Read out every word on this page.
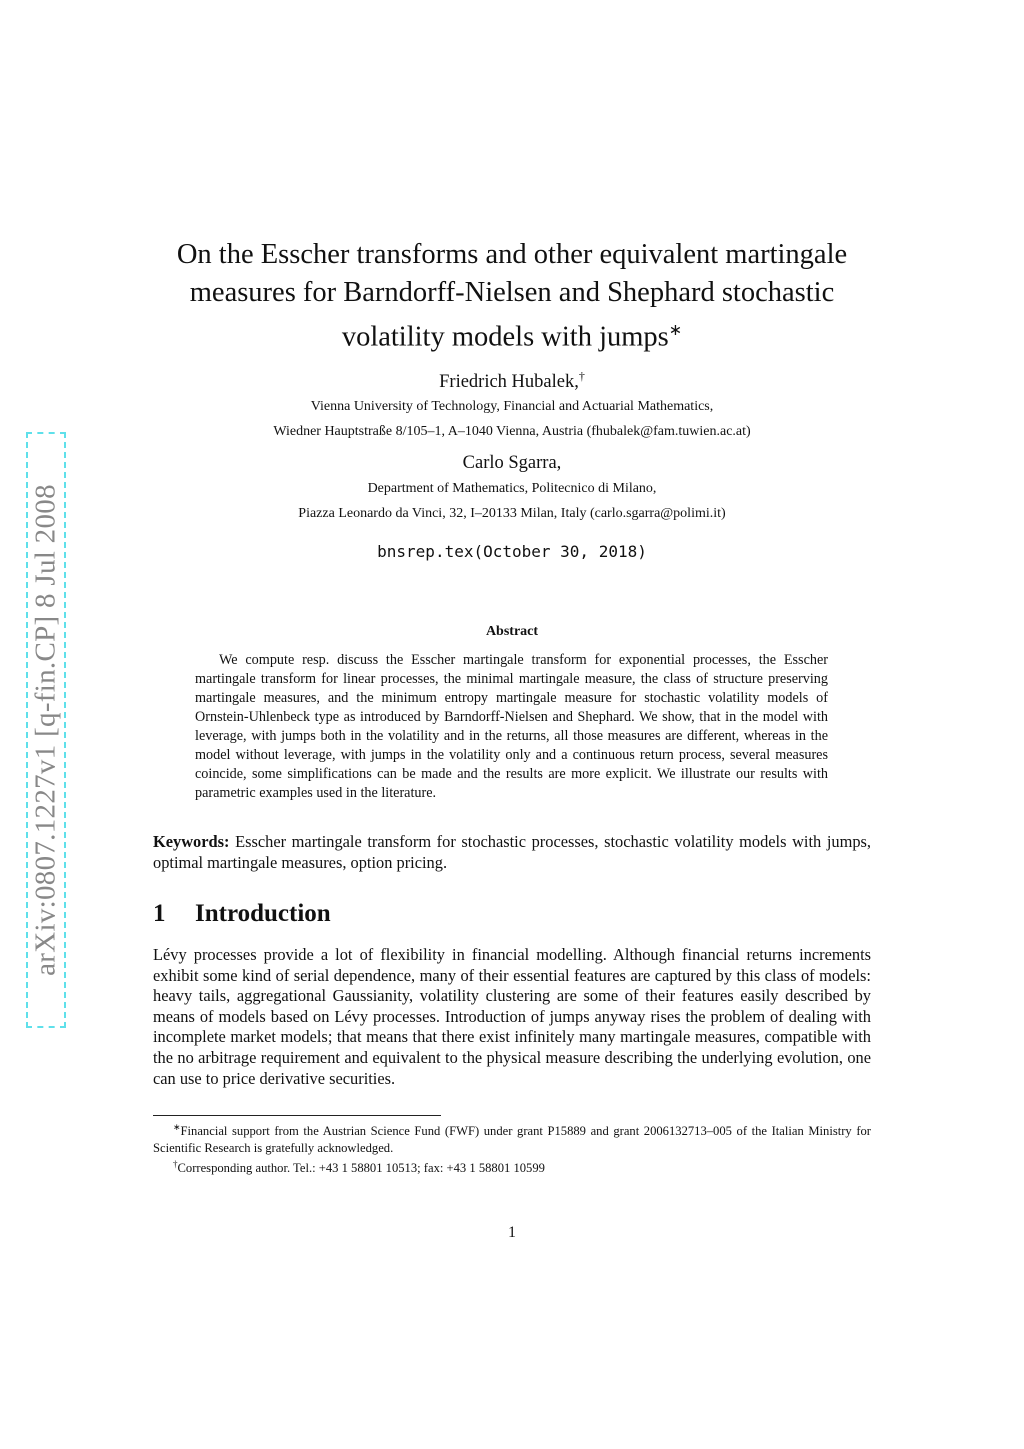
arXiv:0807.1227v1 [q-fin.CP] 8 Jul 2008
On the Esscher transforms and other equivalent martingale
measures for Barndorff-Nielsen and Shephard stochastic
volatility models with jumps∗
Friedrich Hubalek,†
Vienna University of Technology, Financial and Actuarial Mathematics,
Wiedner Hauptstraße 8/105–1, A–1040 Vienna, Austria (fhubalek@fam.tuwien.ac.at)
Carlo Sgarra,
Department of Mathematics, Politecnico di Milano,
Piazza Leonardo da Vinci, 32, I–20133 Milan, Italy (carlo.sgarra@polimi.it)
bnsrep.tex(October 30, 2018)
Abstract
We compute resp. discuss the Esscher martingale transform for exponential processes, the Esscher martingale transform for linear processes, the minimal martingale measure, the class of structure preserving martingale measures, and the minimum entropy martingale measure for stochastic volatility models of Ornstein-Uhlenbeck type as introduced by Barndorff-Nielsen and Shephard. We show, that in the model with leverage, with jumps both in the volatility and in the returns, all those measures are different, whereas in the model without leverage, with jumps in the volatility only and a continuous return process, several measures coincide, some simplifications can be made and the results are more explicit. We illustrate our results with parametric examples used in the literature.
Keywords: Esscher martingale transform for stochastic processes, stochastic volatility models with jumps, optimal martingale measures, option pricing.
1 Introduction
Lévy processes provide a lot of flexibility in financial modelling. Although financial returns increments exhibit some kind of serial dependence, many of their essential features are captured by this class of models: heavy tails, aggregational Gaussianity, volatility clustering are some of their features easily described by means of models based on Lévy processes. Introduction of jumps anyway rises the problem of dealing with incomplete market models; that means that there exist infinitely many martingale measures, compatible with the no arbitrage requirement and equivalent to the physical measure describing the underlying evolution, one can use to price derivative securities.

∗Financial support from the Austrian Science Fund (FWF) under grant P15889 and grant 2006132713–005 of the Italian Ministry for Scientific Research is gratefully acknowledged.

†Corresponding author. Tel.: +43 1 58801 10513; fax: +43 1 58801 10599

1
